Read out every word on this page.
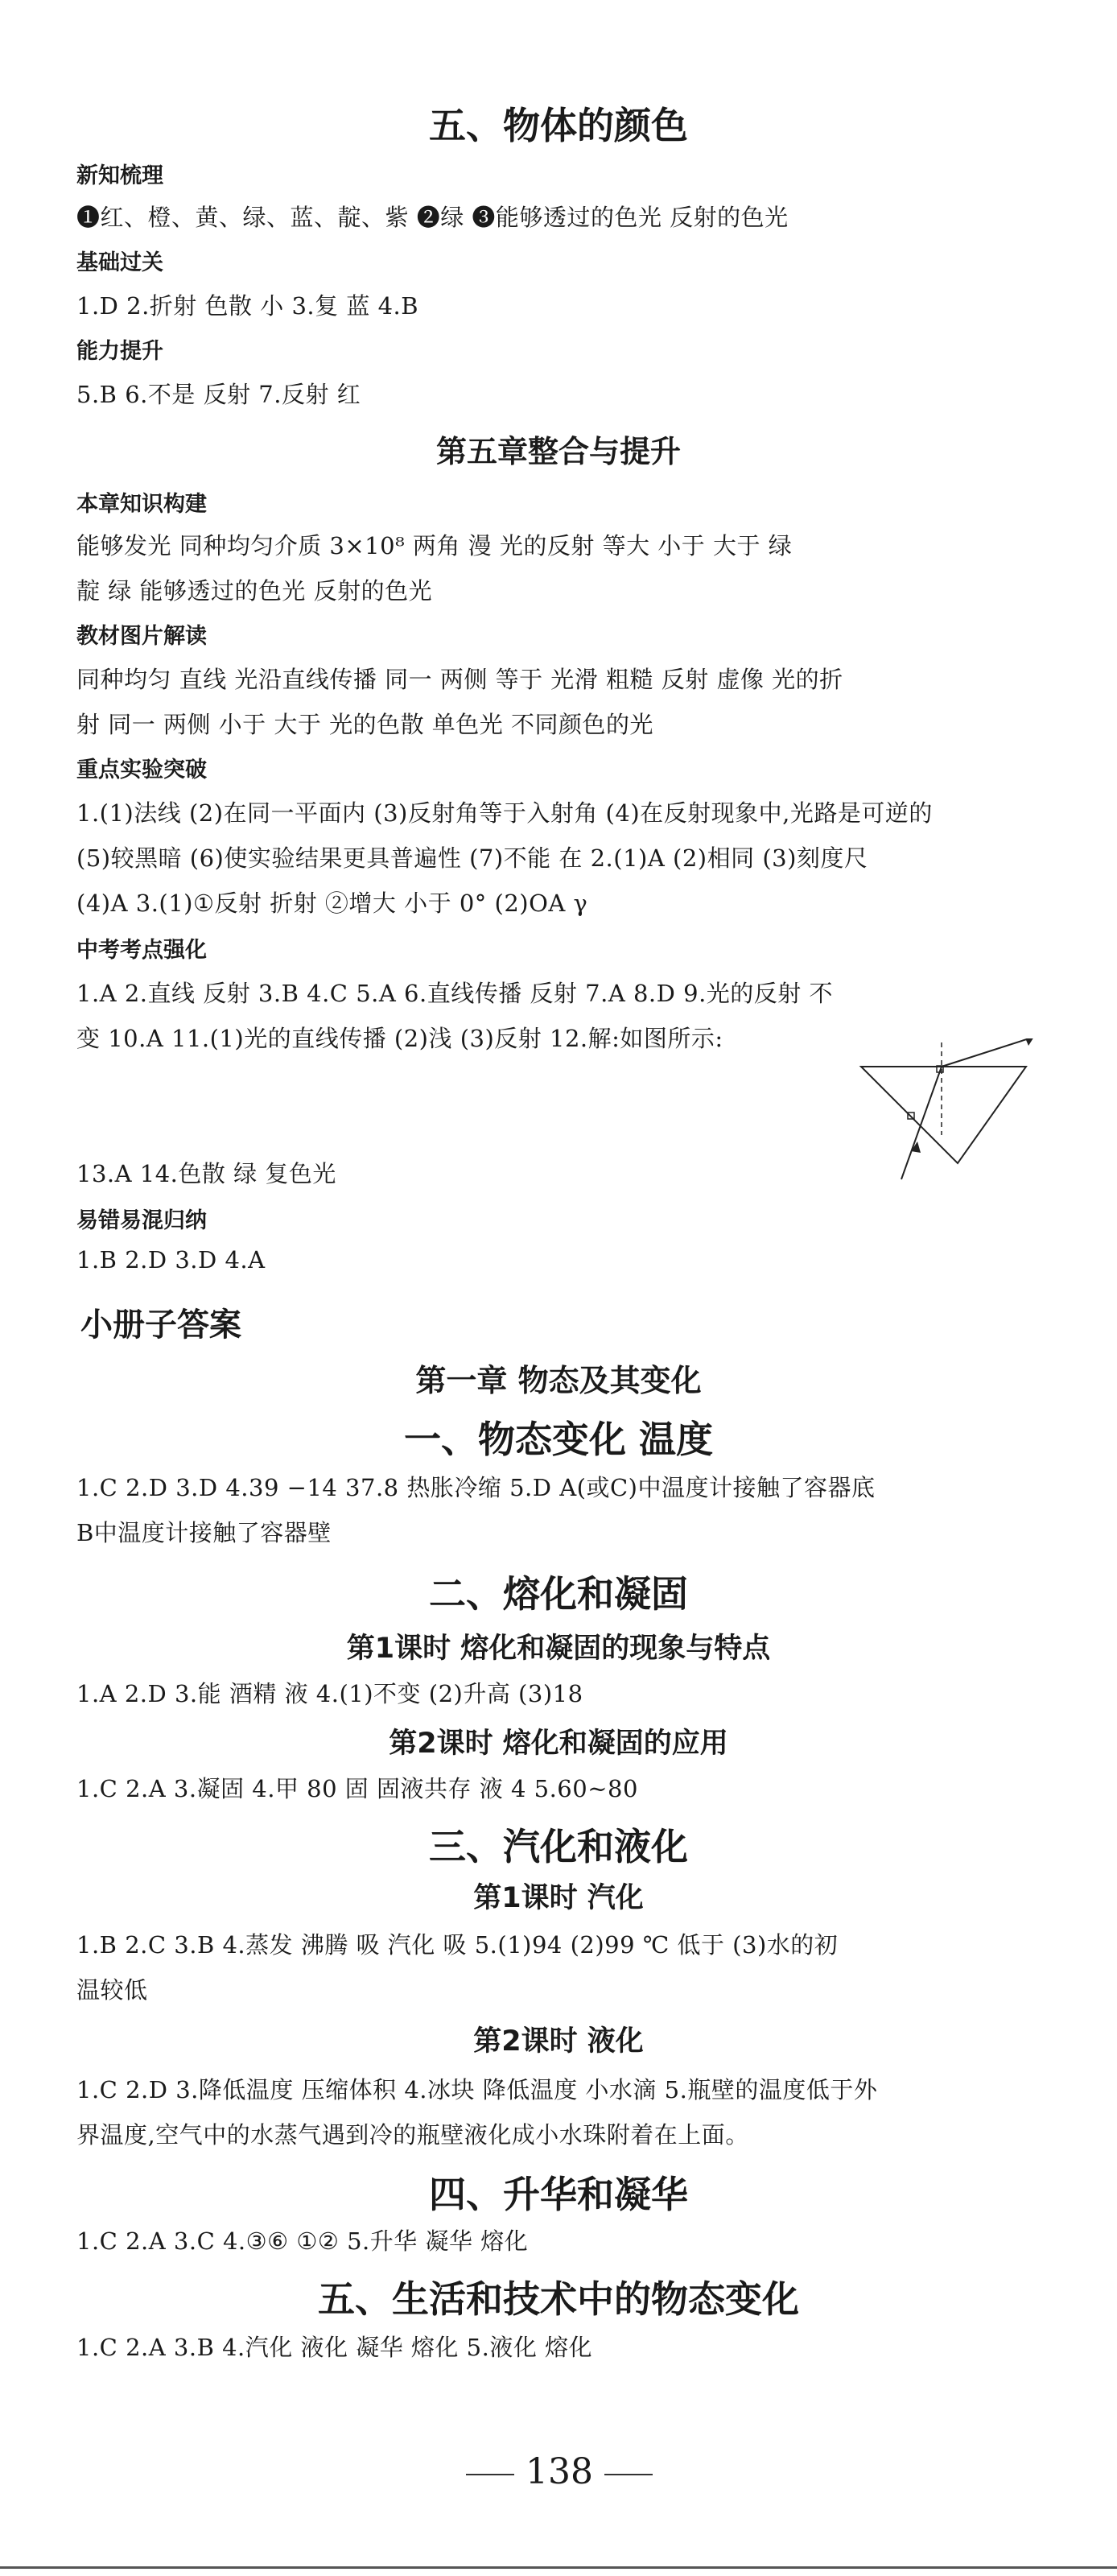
五、物体的颜色
新知梳理
❶红、橙、黄、绿、蓝、靛、紫 ❷绿 ❸能够透过的色光 反射的色光
基础过关
1.D 2.折射 色散 小 3.复 蓝 4.B
能力提升
5.B 6.不是 反射 7.反射 红
第五章整合与提升
本章知识构建
能够发光 同种均匀介质 3×10⁸ 两角 漫 光的反射 等大 小于 大于 绿
靛 绿 能够透过的色光 反射的色光
教材图片解读
同种均匀 直线 光沿直线传播 同一 两侧 等于 光滑 粗糙 反射 虚像 光的折
射 同一 两侧 小于 大于 光的色散 单色光 不同颜色的光
重点实验突破
1.(1)法线 (2)在同一平面内 (3)反射角等于入射角 (4)在反射现象中,光路是可逆的
(5)较黑暗 (6)使实验结果更具普遍性 (7)不能 在 2.(1)A (2)相同 (3)刻度尺
(4)A 3.(1)①反射 折射 ②增大 小于 0° (2)OA γ
中考考点强化
1.A 2.直线 反射 3.B 4.C 5.A 6.直线传播 反射 7.A 8.D 9.光的反射 不
变 10.A 11.(1)光的直线传播 (2)浅 (3)反射 12.解:如图所示:
13.A 14.色散 绿 复色光
易错易混归纳
1.B 2.D 3.D 4.A
小册子答案
第一章 物态及其变化
一、物态变化 温度
1.C 2.D 3.D 4.39 −14 37.8 热胀冷缩 5.D A(或C)中温度计接触了容器底
B中温度计接触了容器壁
二、熔化和凝固
第1课时 熔化和凝固的现象与特点
1.A 2.D 3.能 酒精 液 4.(1)不变 (2)升高 (3)18
第2课时 熔化和凝固的应用
1.C 2.A 3.凝固 4.甲 80 固 固液共存 液 4 5.60~80
三、汽化和液化
第1课时 汽化
1.B 2.C 3.B 4.蒸发 沸腾 吸 汽化 吸 5.(1)94 (2)99 ℃ 低于 (3)水的初
温较低
第2课时 液化
1.C 2.D 3.降低温度 压缩体积 4.冰块 降低温度 小水滴 5.瓶壁的温度低于外
界温度,空气中的水蒸气遇到冷的瓶壁液化成小水珠附着在上面。
四、升华和凝华
1.C 2.A 3.C 4.③⑥ ①② 5.升华 凝华 熔化
五、生活和技术中的物态变化
1.C 2.A 3.B 4.汽化 液化 凝华 熔化 5.液化 熔化
138
